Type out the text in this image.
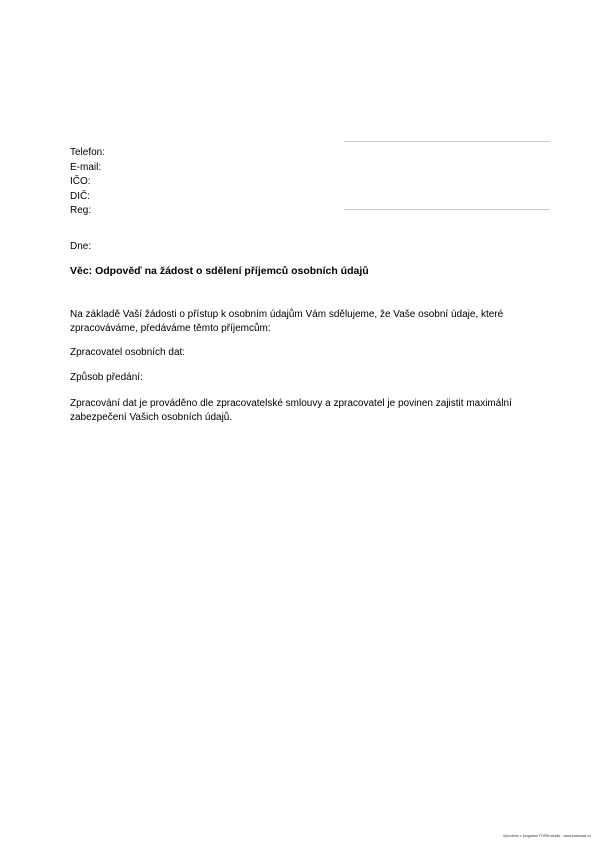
Telefon:
E-mail:
IČO:
DIČ:
Reg:
Dne:
Věc: Odpověď na žádost o sdělení příjemců osobních údajů
Na základě Vaší žádosti o přístup k osobním údajům Vám sdělujeme, že Vaše osobní údaje, které zpracováváme, předáváme těmto příjemcům:
Zpracovatel osobních dat:
Způsob předání:
Zpracování dat je prováděno dle zpracovatelské smlouvy a zpracovatel je povinen zajistit maximální zabezpečení Vašich osobních údajů.
Vytvořeno v programu FORM studio - www.kastrowa.cz
